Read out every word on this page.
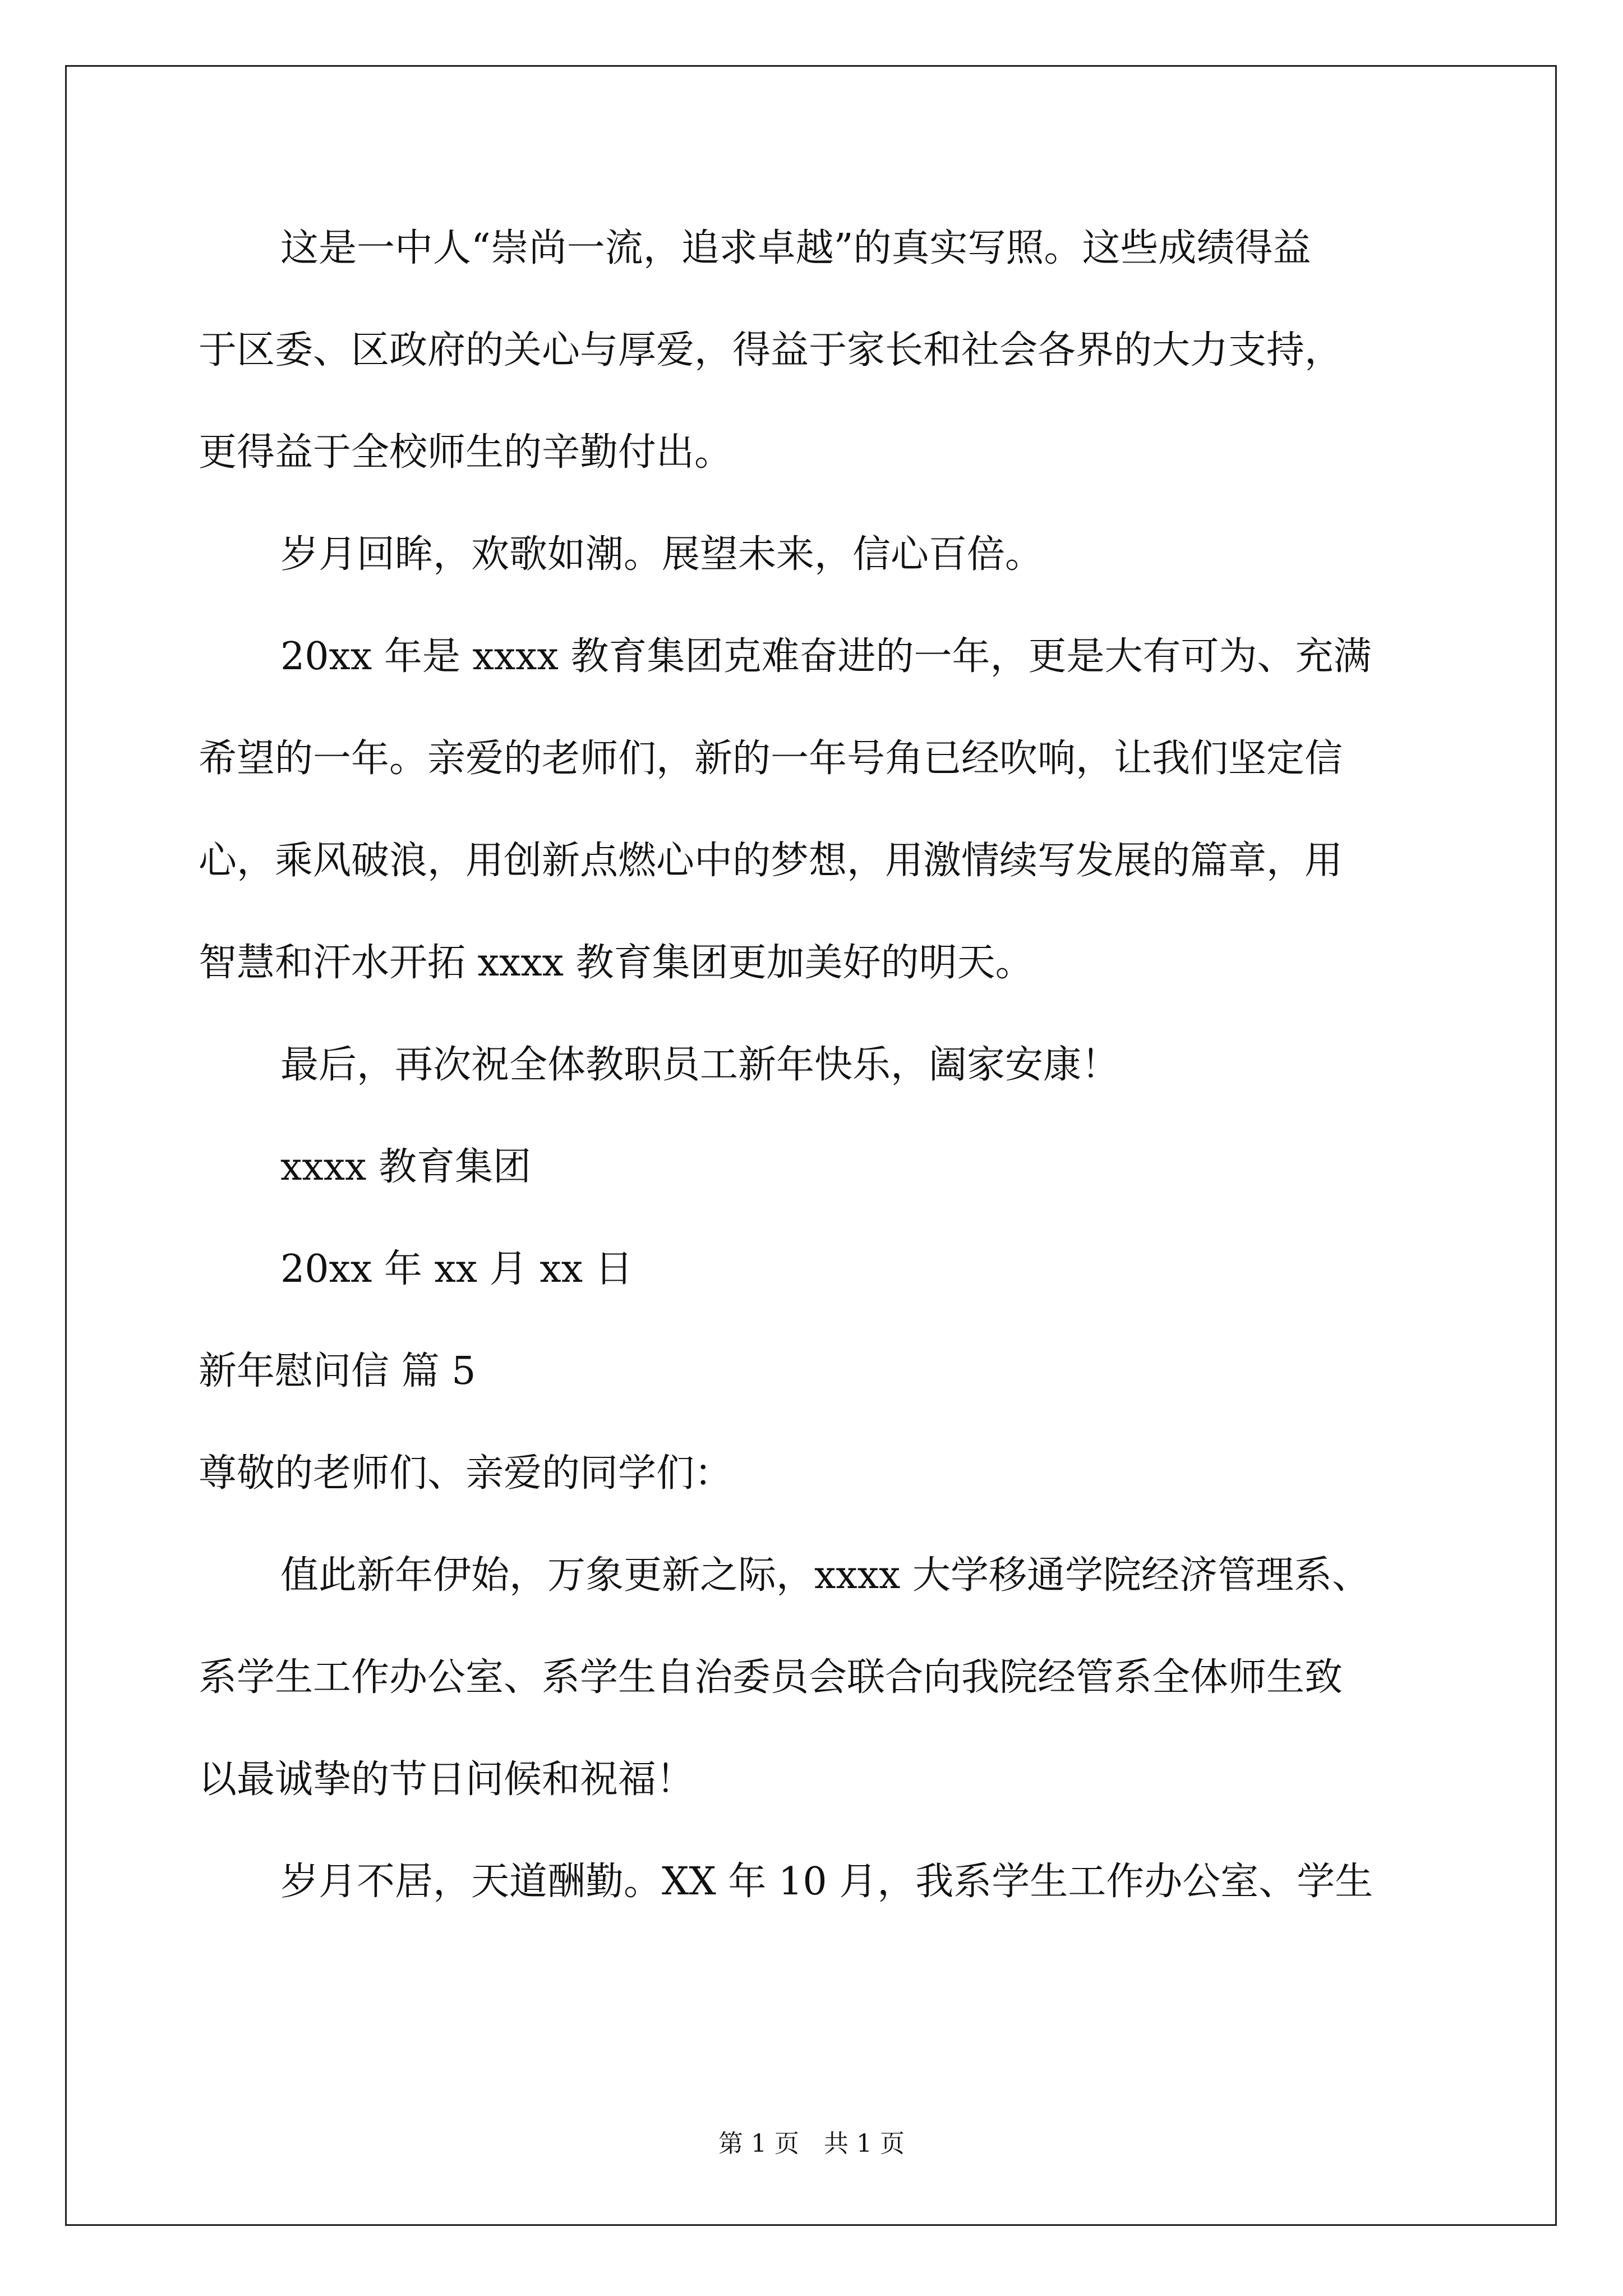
这是一中人“崇尚一流，追求卓越”的真实写照。这些成绩得益

于区委、区政府的关心与厚爱，得益于家长和社会各界的大力支持，

更得益于全校师生的辛勤付出。

岁月回眸，欢歌如潮。展望未来，信心百倍。

20xx 年是 xxxx 教育集团克难奋进的一年，更是大有可为、充满

希望的一年。亲爱的老师们，新的一年号角已经吹响，让我们坚定信

心，乘风破浪，用创新点燃心中的梦想，用激情续写发展的篇章，用

智慧和汗水开拓 xxxx 教育集团更加美好的明天。

最后，再次祝全体教职员工新年快乐，阖家安康！

xxxx 教育集团

20xx 年 xx 月 xx 日

新年慰问信 篇 5

尊敬的老师们、亲爱的同学们：

值此新年伊始，万象更新之际，xxxx 大学移通学院经济管理系、

系学生工作办公室、系学生自治委员会联合向我院经管系全体师生致

以最诚挚的节日问候和祝福！

岁月不居，天道酬勤。XX 年 10 月，我系学生工作办公室、学生

第 1 页　共 1 页
